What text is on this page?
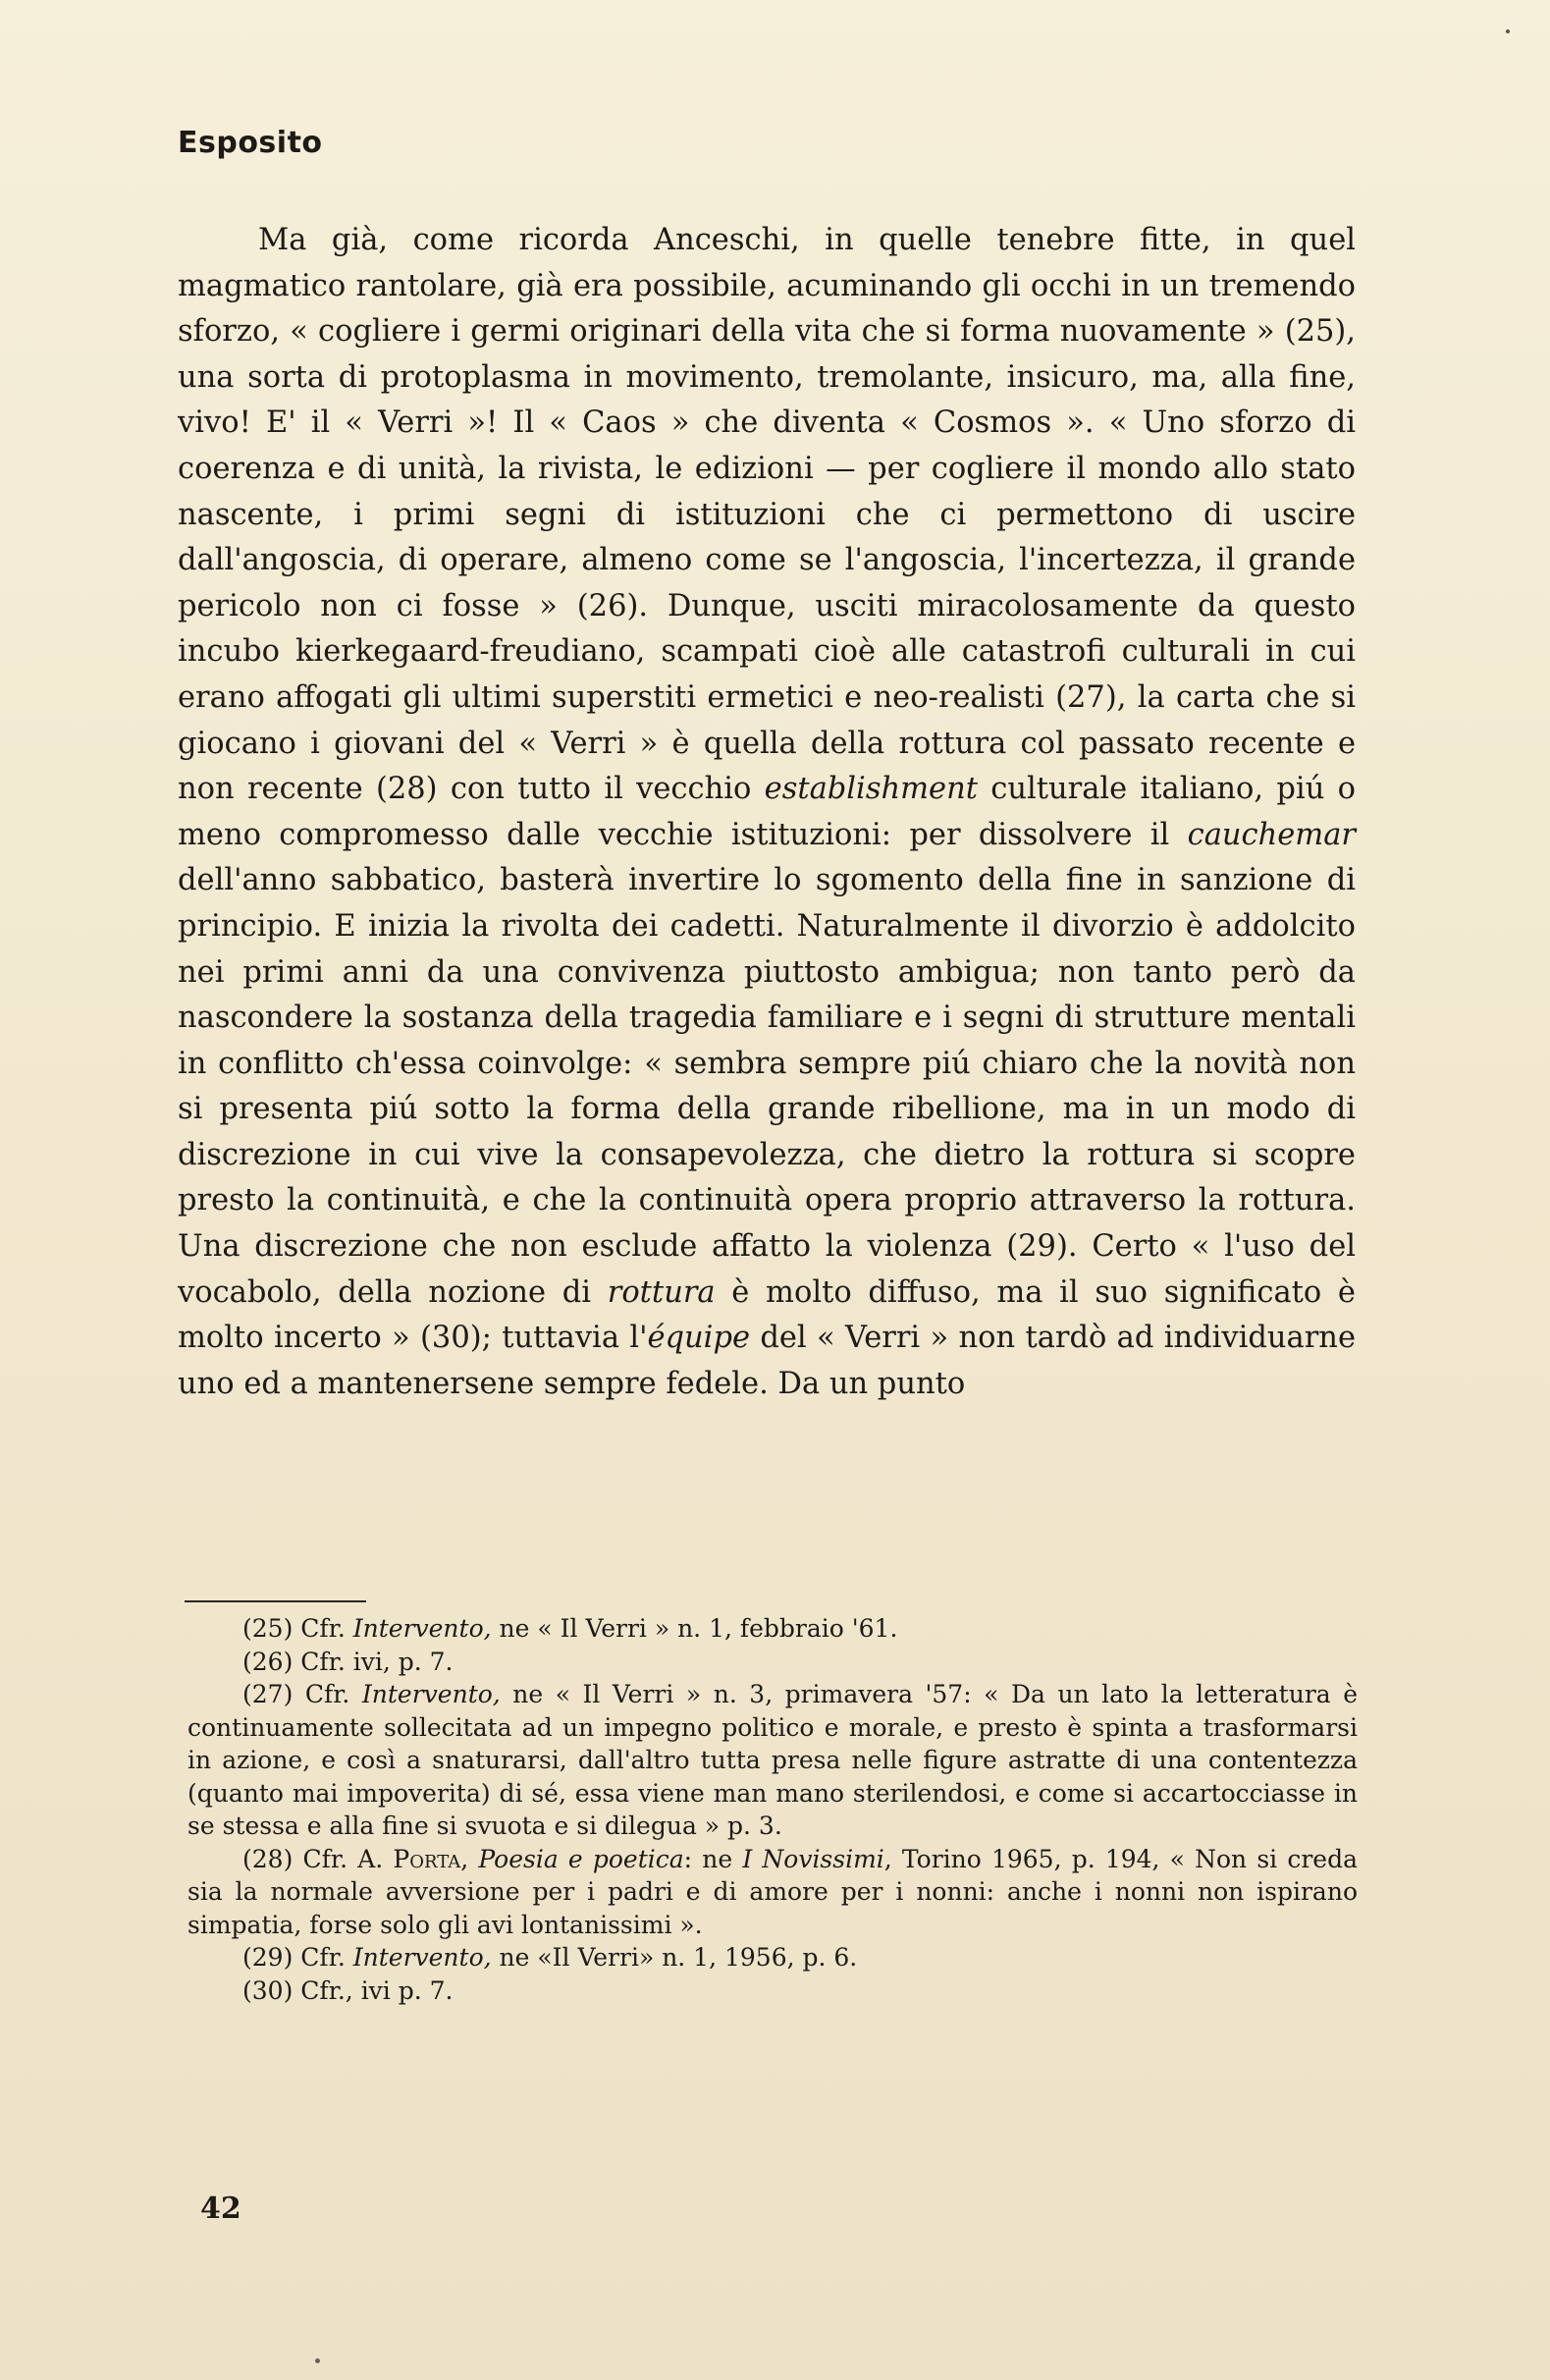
Esposito

Ma già, come ricorda Anceschi, in quelle tenebre fitte, in quel magmatico rantolare, già era possibile, acuminando gli occhi in un tremendo sforzo, « cogliere i germi originari della vita che si forma nuovamente » (25), una sorta di protoplasma in movimento, tremolante, insicuro, ma, alla fine, vivo! E' il « Verri »! Il « Caos » che diventa « Cosmos ». « Uno sforzo di coerenza e di unità, la rivista, le edizioni — per cogliere il mondo allo stato nascente, i primi segni di istituzioni che ci permettono di uscire dall'angoscia, di operare, almeno come se l'angoscia, l'incertezza, il grande pericolo non ci fosse » (26). Dunque, usciti miracolosamente da questo incubo kierkegaard-freudiano, scampati cioè alle catastrofi culturali in cui erano affogati gli ultimi superstiti ermetici e neo-realisti (27), la carta che si giocano i giovani del « Verri » è quella della rottura col passato recente e non recente (28) con tutto il vecchio establishment culturale italiano, piú o meno compromesso dalle vecchie istituzioni: per dissolvere il cauchemar dell'anno sabbatico, basterà invertire lo sgomento della fine in sanzione di principio. E inizia la rivolta dei cadetti. Naturalmente il divorzio è addolcito nei primi anni da una convivenza piuttosto ambigua; non tanto però da nascondere la sostanza della tragedia familiare e i segni di strutture mentali in conflitto ch'essa coinvolge: « sembra sempre piú chiaro che la novità non si presenta piú sotto la forma della grande ribellione, ma in un modo di discrezione in cui vive la consapevolezza, che dietro la rottura si scopre presto la continuità, e che la continuità opera proprio attraverso la rottura. Una discrezione che non esclude affatto la violenza (29). Certo « l'uso del vocabolo, della nozione di rottura è molto diffuso, ma il suo significato è molto incerto » (30); tuttavia l'équipe del « Verri » non tardò ad individuarne uno ed a mantenersene sempre fedele. Da un punto

(25) Cfr. Intervento, ne « Il Verri » n. 1, febbraio '61.

(26) Cfr. ivi, p. 7.

(27) Cfr. Intervento, ne « Il Verri » n. 3, primavera '57: « Da un lato la letteratura è continuamente sollecitata ad un impegno politico e morale, e presto è spinta a trasformarsi in azione, e così a snaturarsi, dall'altro tutta presa nelle figure astratte di una contentezza (quanto mai impoverita) di sé, essa viene man mano sterilendosi, e come si accartocciasse in se stessa e alla fine si svuota e si dilegua » p. 3.

(28) Cfr. A. Porta, Poesia e poetica: ne I Novissimi, Torino 1965, p. 194, « Non si creda sia la normale avversione per i padri e di amore per i nonni: anche i nonni non ispirano simpatia, forse solo gli avi lontanissimi ».

(29) Cfr. Intervento, ne «Il Verri» n. 1, 1956, p. 6.

(30) Cfr., ivi p. 7.

42
